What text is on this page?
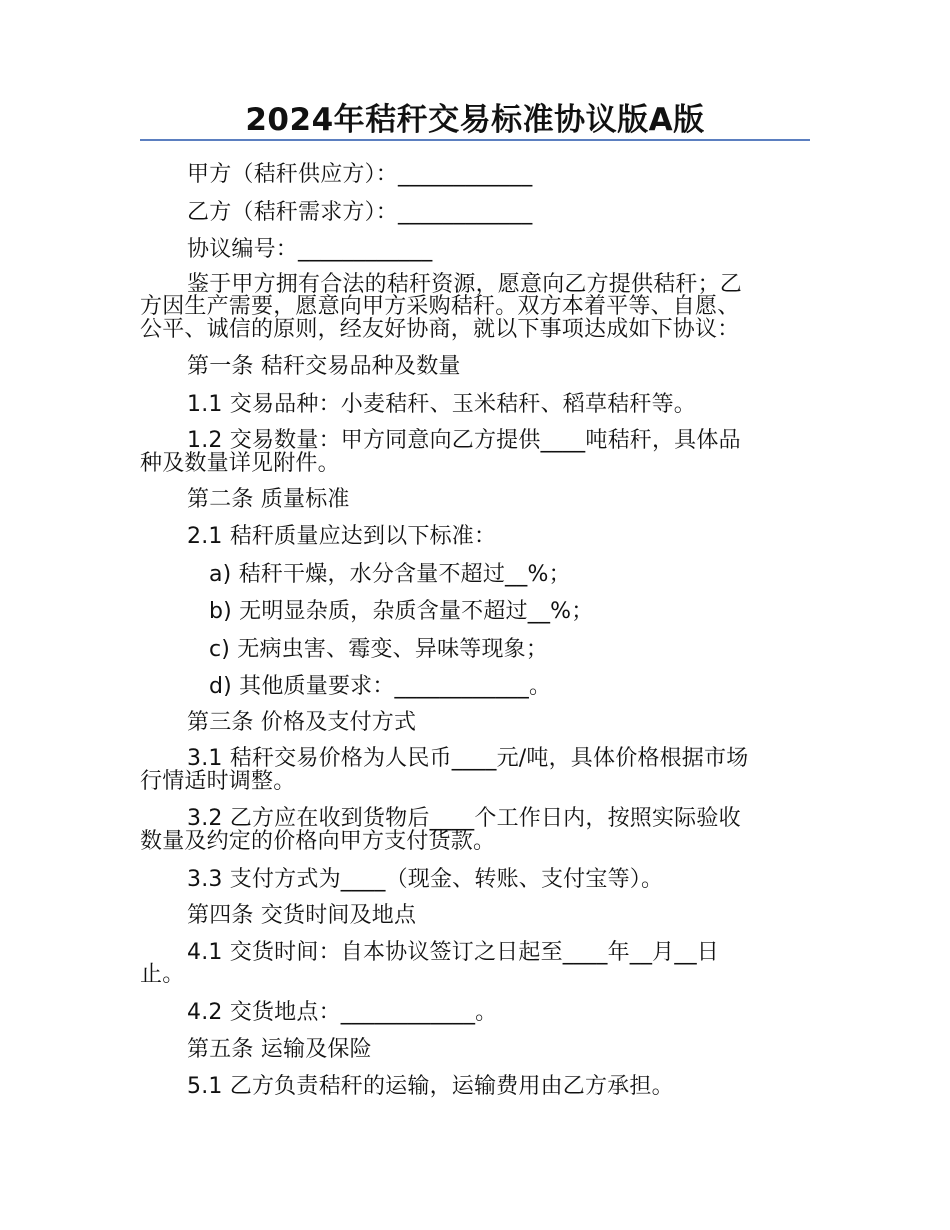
2024年秸秆交易标准协议版A版
甲方（秸秆供应方）：____________
乙方（秸秆需求方）：____________
协议编号：____________
鉴于甲方拥有合法的秸秆资源，愿意向乙方提供秸秆；乙
方因生产需要，愿意向甲方采购秸秆。双方本着平等、自愿、
公平、诚信的原则，经友好协商，就以下事项达成如下协议：
第一条 秸秆交易品种及数量
1.1 交易品种：小麦秸秆、玉米秸秆、稻草秸秆等。
1.2 交易数量：甲方同意向乙方提供____吨秸秆，具体品
种及数量详见附件。
第二条 质量标准
2.1 秸秆质量应达到以下标准：
a) 秸秆干燥，水分含量不超过__%；
b) 无明显杂质，杂质含量不超过__%；
c) 无病虫害、霉变、异味等现象；
d) 其他质量要求：____________。
第三条 价格及支付方式
3.1 秸秆交易价格为人民币____元/吨，具体价格根据市场
行情适时调整。
3.2 乙方应在收到货物后____个工作日内，按照实际验收
数量及约定的价格向甲方支付货款。
3.3 支付方式为____（现金、转账、支付宝等）。
第四条 交货时间及地点
4.1 交货时间：自本协议签订之日起至____年__月__日
止。
4.2 交货地点：____________。
第五条 运输及保险
5.1 乙方负责秸秆的运输，运输费用由乙方承担。
